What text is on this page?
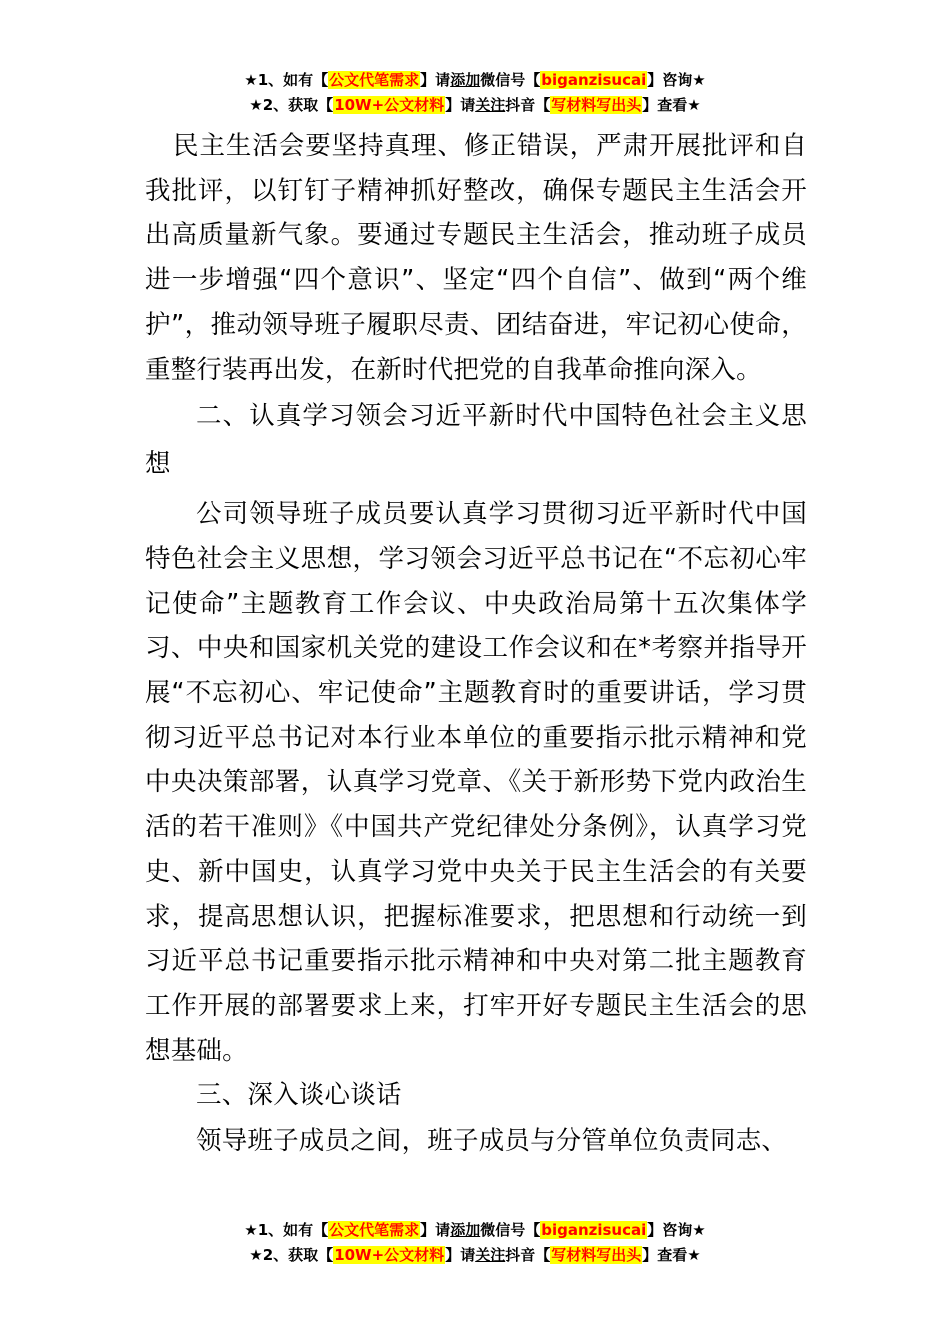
★1、如有【公文代笔需求】请添加微信号【biganzisucai】咨询★
★2、获取【10W+公文材料】请关注抖音【写材料写出头】查看★

民主生活会要坚持真理、修正错误，严肃开展批评和自我批评，以钉钉子精神抓好整改，确保专题民主生活会开出高质量新气象。要通过专题民主生活会，推动班子成员进一步增强“四个意识”、坚定“四个自信”、做到“两个维护”，推动领导班子履职尽责、团结奋进，牢记初心使命，重整行装再出发，在新时代把党的自我革命推向深入。

二、认真学习领会习近平新时代中国特色社会主义思想

公司领导班子成员要认真学习贯彻习近平新时代中国特色社会主义思想，学习领会习近平总书记在“不忘初心牢记使命”主题教育工作会议、中央政治局第十五次集体学习、中央和国家机关党的建设工作会议和在*考察并指导开展“不忘初心、牢记使命”主题教育时的重要讲话，学习贯彻习近平总书记对本行业本单位的重要指示批示精神和党中央决策部署，认真学习党章、《关于新形势下党内政治生活的若干准则》《中国共产党纪律处分条例》，认真学习党史、新中国史，认真学习党中央关于民主生活会的有关要求，提高思想认识，把握标准要求，把思想和行动统一到习近平总书记重要指示批示精神和中央对第二批主题教育工作开展的部署要求上来，打牢开好专题民主生活会的思想基础。

三、深入谈心谈话

领导班子成员之间，班子成员与分管单位负责同志、

★1、如有【公文代笔需求】请添加微信号【biganzisucai】咨询★
★2、获取【10W+公文材料】请关注抖音【写材料写出头】查看★
